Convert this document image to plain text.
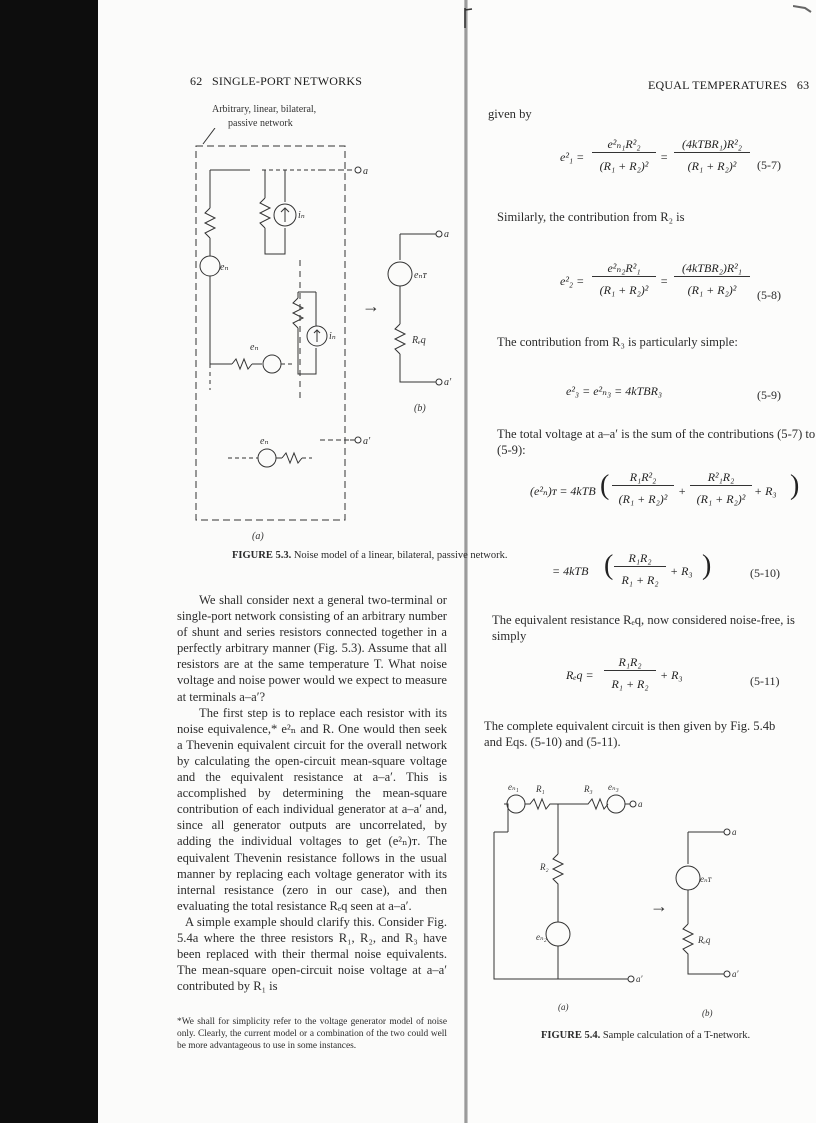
62 SINGLE-PORT NETWORKS
Arbitrary, linear, bilateral,
passive network
a
a′
a
a′
eₙ
iₙ
iₙ
eₙ
eₙ
eₙᴛ
Rₑq
→
(b)
(a)
FIGURE 5.3. Noise model of a linear, bilateral, passive network.

We shall consider next a general two-terminal or single-port network consisting of an arbitrary number of shunt and series resistors connected together in a perfectly arbitrary manner (Fig. 5.3). Assume that all resistors are at the same temperature T. What noise voltage and noise power would we expect to measure at terminals a–a′?

The first step is to replace each resistor with its noise equivalence,* e²ₙ and R. One would then seek a Thevenin equivalent circuit for the overall network by calculating the open-circuit mean-square voltage and the equivalent resistance at a–a′. This is accomplished by determining the mean-square contribution of each individual generator at a–a′ and, since all generator outputs are uncorrelated, by adding the individual voltages to get (e²ₙ)ᴛ. The equivalent Thevenin resistance follows in the usual manner by replacing each voltage generator with its internal resistance (zero in our case), and then evaluating the total resistance Rₑq seen at a–a′.

A simple example should clarify this. Consider Fig. 5.4a where the three resistors R₁, R₂, and R₃ have been replaced with their thermal noise equivalents. The mean-square open-circuit noise voltage at a–a′ contributed by R₁ is

*We shall for simplicity refer to the voltage generator model of noise only. Clearly, the current model or a combination of the two could well be more advantageous to use in some instances.

EQUAL TEMPERATURES 63
given by
e²₁ =
e²ₙ₁R²₂
(R₁ + R₂)²
=
(4kTBR₁)R²₂
(R₁ + R₂)²	(5-7)
Similarly, the contribution from R₂ is
e²₂ =
e²ₙ₂R²₁
(R₁ + R₂)²
=
(4kTBR₂)R²₁
(R₁ + R₂)²	(5-8)
The contribution from R₃ is particularly simple:
e²₃ = e²ₙ₃ = 4kTBR₃	(5-9)
The total voltage at a–a′ is the sum of the contributions (5-7) to (5-9):
(e²ₙ)ᴛ = 4kTB (	R₁R²₂
(R₁ + R₂)²
+
R²₁R₂
(R₁ + R₂)²
+ R₃ )
= 4kTB (	R₁R₂
R₁ + R₂
+ R₃ )	(5-10)
The equivalent resistance Rₑq, now considered noise-free, is simply
Rₑq =
R₁R₂
R₁ + R₂
+ R₃	(5-11)
The complete equivalent circuit is then given by Fig. 5.4b and Eqs. (5-10) and (5-11).
eₙ₁ R₁	R₃ eₙ₃
R₂
eₙ₂
a
a′
a
a′
eₙᴛ
Rₑq
→
(a)
(b)
FIGURE 5.4. Sample calculation of a T-network.
